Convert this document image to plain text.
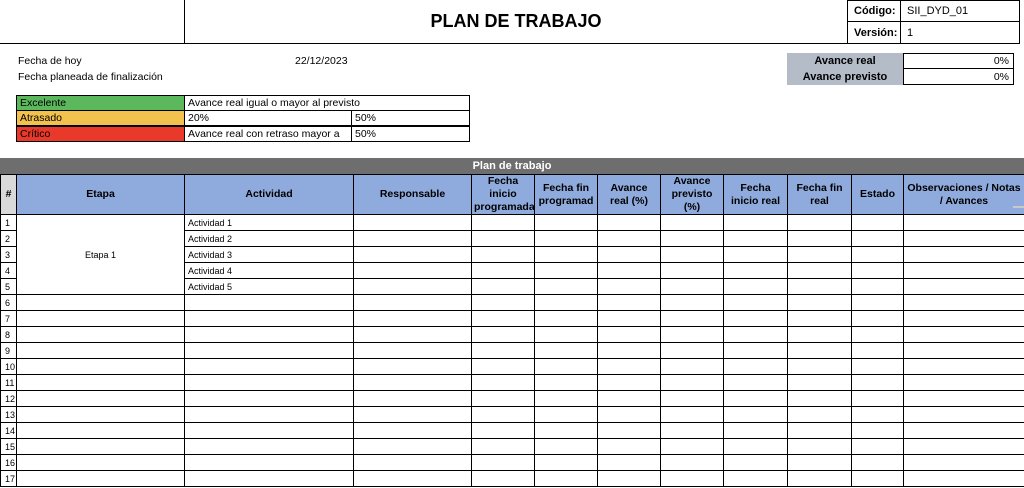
PLAN DE TRABAJO	Código:	SII_DYD_01
Versión: 1
Fecha de hoy	22/12/2023
Fecha planeada de finalización
Avance real	0%
Avance previsto	0%
Excelente	Avance real igual o mayor al previsto
Atrasado	20%	50%
Crítico	Avance real con retraso mayor a	50%
Plan de trabajo
#	Etapa	Actividad	Responsable	Fecha inicio programada	Fecha fin programad	Avance real (%)	Avance previsto (%)	Fecha inicio real	Fecha fin real	Estado	Observaciones / Notas / Avances
1	Etapa 1	Actividad 1									
2		Actividad 2									
3		Actividad 3									
4		Actividad 4									
5		Actividad 5									
6											
7											
8											
9											
10											
11											
12											
13											
14											
15											
16											
17											
